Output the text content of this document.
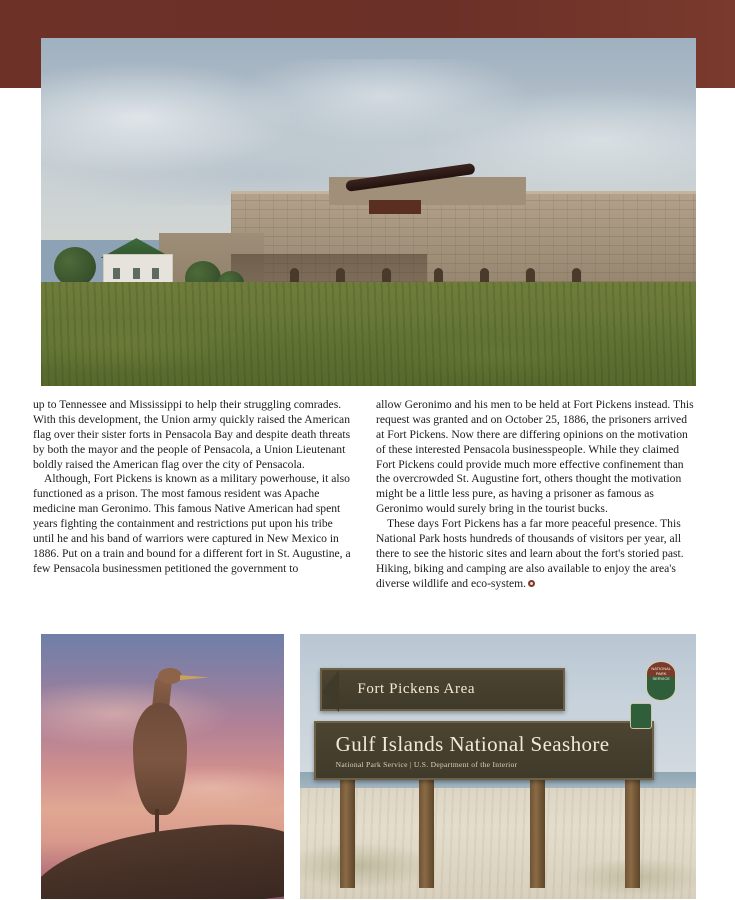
up to Tennessee and Mississippi to help their struggling comrades. With this development, the Union army quickly raised the American flag over their sister forts in Pensacola Bay and despite death threats by both the mayor and the people of Pensacola, a Union Lieutenant boldly raised the American flag over the city of Pensacola.

Although, Fort Pickens is known as a military powerhouse, it also functioned as a prison. The most famous resident was Apache medicine man Geronimo. This famous Native American had spent years fighting the containment and restrictions put upon his tribe until he and his band of warriors were captured in New Mexico in 1886. Put on a train and bound for a different fort in St. Augustine, a few Pensacola businessmen petitioned the government to

allow Geronimo and his men to be held at Fort Pickens instead. This request was granted and on October 25, 1886, the prisoners arrived at Fort Pickens. Now there are differing opinions on the motivation of these interested Pensacola businesspeople. While they claimed Fort Pickens could provide much more effective confinement than the overcrowded St. Augustine fort, others thought the motivation might be a little less pure, as having a prisoner as famous as Geronimo would surely bring in the tourist bucks.

These days Fort Pickens has a far more peaceful presence. This National Park hosts hundreds of thousands of visitors per year, all there to see the historic sites and learn about the fort's storied past. Hiking, biking and camping are also available to enjoy the area's diverse wildlife and eco-system.

Fort Pickens Area
Gulf Islands National Seashore
National Park Service | U.S. Department of the Interior
NATIONAL PARK SERVICE
